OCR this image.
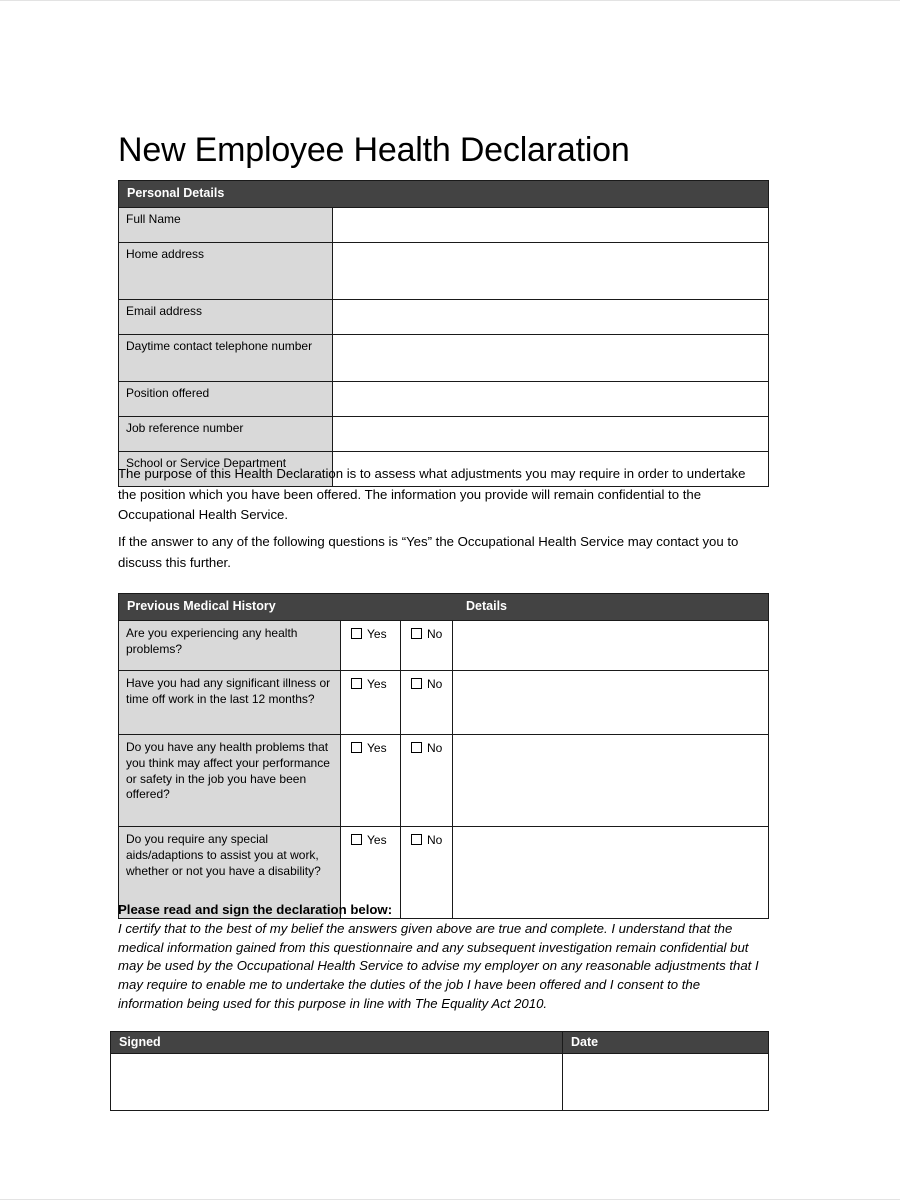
New Employee Health Declaration
Personal Details	
Full Name	
Home address	
Email address	
Daytime contact telephone number	
Position offered	
Job reference number	
School or Service Department	

The purpose of this Health Declaration is to assess what adjustments you may require in order to undertake the position which you have been offered. The information you provide will remain confidential to the Occupational Health Service.

If the answer to any of the following questions is “Yes” the Occupational Health Service may contact you to discuss this further.

Previous Medical History Details			

Are you experiencing any health problems?	Yes	No	
Have you had any significant illness or time off work in the last 12 months?	Yes	No	
Do you have any health problems that you think may affect your performance or safety in the job you have been offered?	Yes	No	
Do you require any special aids/adaptions to assist you at work, whether or not you have a disability?	Yes	No	
Please read and sign the declaration below:
I certify that to the best of my belief the answers given above are true and complete. I understand that the medical information gained from this questionnaire and any subsequent investigation remain confidential but may be used by the Occupational Health Service to advise my employer on any reasonable adjustments that I may require to enable me to undertake the duties of the job I have been offered and I consent to the information being used for this purpose in line with The Equality Act 2010.
Signed	Date
